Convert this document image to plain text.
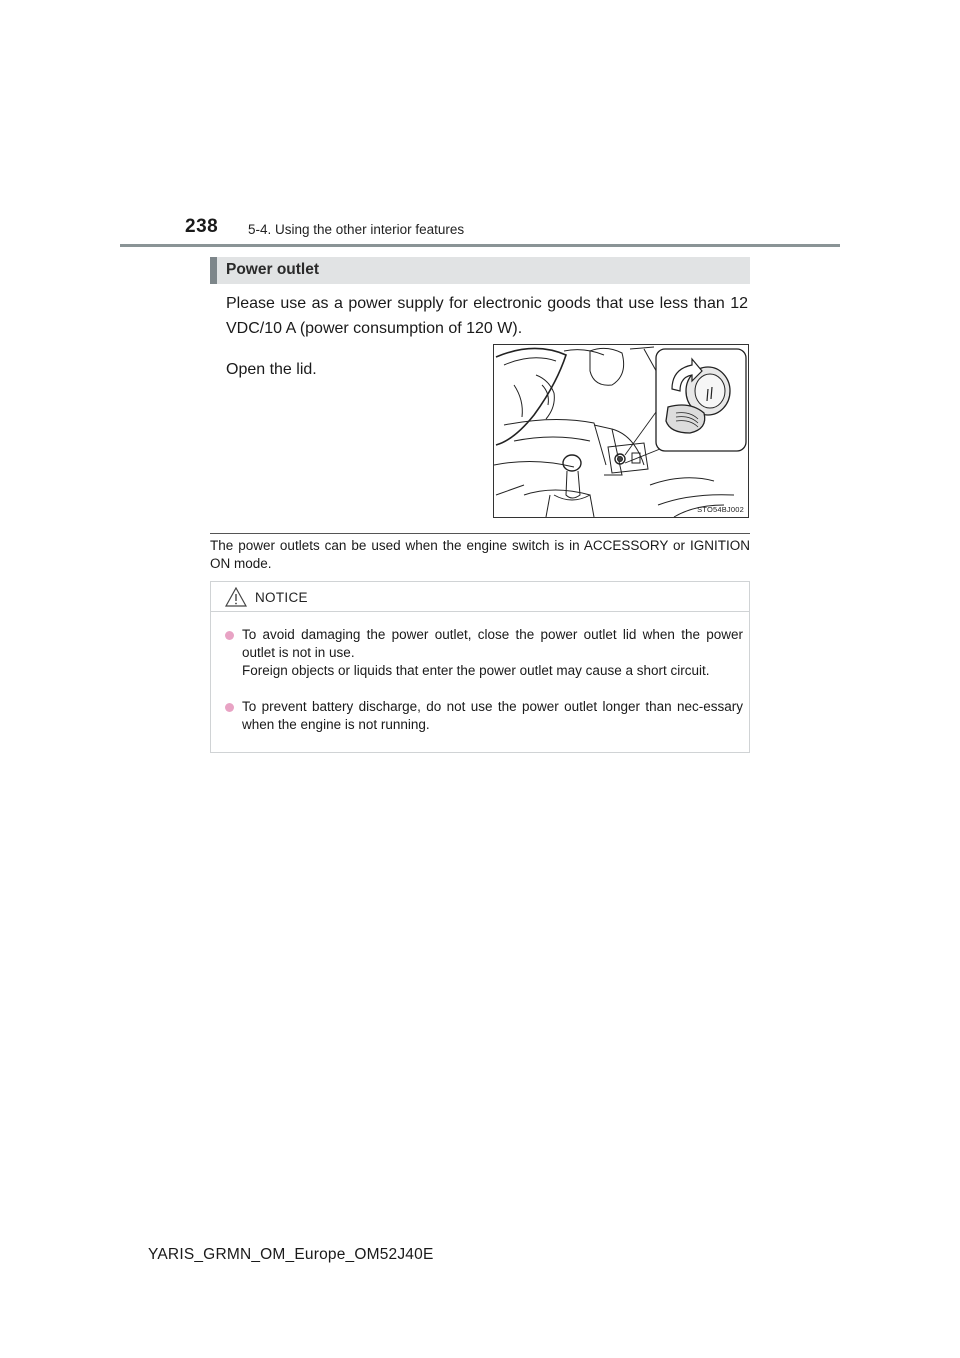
238 5-4. Using the other interior features
Power outlet
Please use as a power supply for electronic goods that use less than 12 VDC/10 A (power consumption of 120 W).
Open the lid.
STO54BJ002
The power outlets can be used when the engine switch is in ACCESSORY or IGNITION ON mode.
NOTICE
To avoid damaging the power outlet, close the power outlet lid when the power outlet is not in use.
Foreign objects or liquids that enter the power outlet may cause a short circuit.
To prevent battery discharge, do not use the power outlet longer than nec-essary when the engine is not running.
YARIS_GRMN_OM_Europe_OM52J40E
